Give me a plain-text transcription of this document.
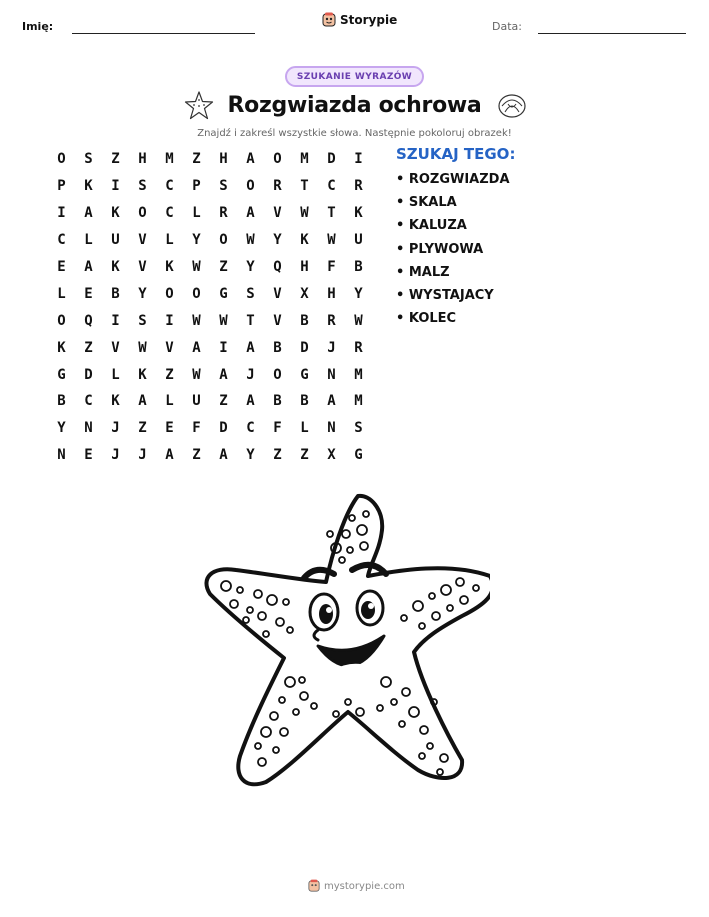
Imię:	Storypie	Data:
SZUKANIE WYRAZÓW
Rozgwiazda ochrowa
Znajdź i zakreśl wszystkie słowa. Następnie pokoloruj obrazek!
O	S	Z	H	M	Z	H	A	O	M	D	I
P	K	I	S	C	P	S	O	R	T	C	R
I	A	K	O	C	L	R	A	V	W	T	K
C	L	U	V	L	Y	O	W	Y	K	W	U
E	A	K	V	K	W	Z	Y	Q	H	F	B
L	E	B	Y	O	O	G	S	V	X	H	Y
O	Q	I	S	I	W	W	T	V	B	R	W
K	Z	V	W	V	A	I	A	B	D	J	R
G	D	L	K	Z	W	A	J	O	G	N	M
B	C	K	A	L	U	Z	A	B	B	A	M
Y	N	J	Z	E	F	D	C	F	L	N	S
N	E	J	J	A	Z	A	Y	Z	Z	X	G
SZUKAJ TEGO:
• ROZGWIAZDA
• SKALA
• KALUZA
• PLYWOWA
• MALZ
• WYSTAJACY
• KOLEC
mystorypie.com
